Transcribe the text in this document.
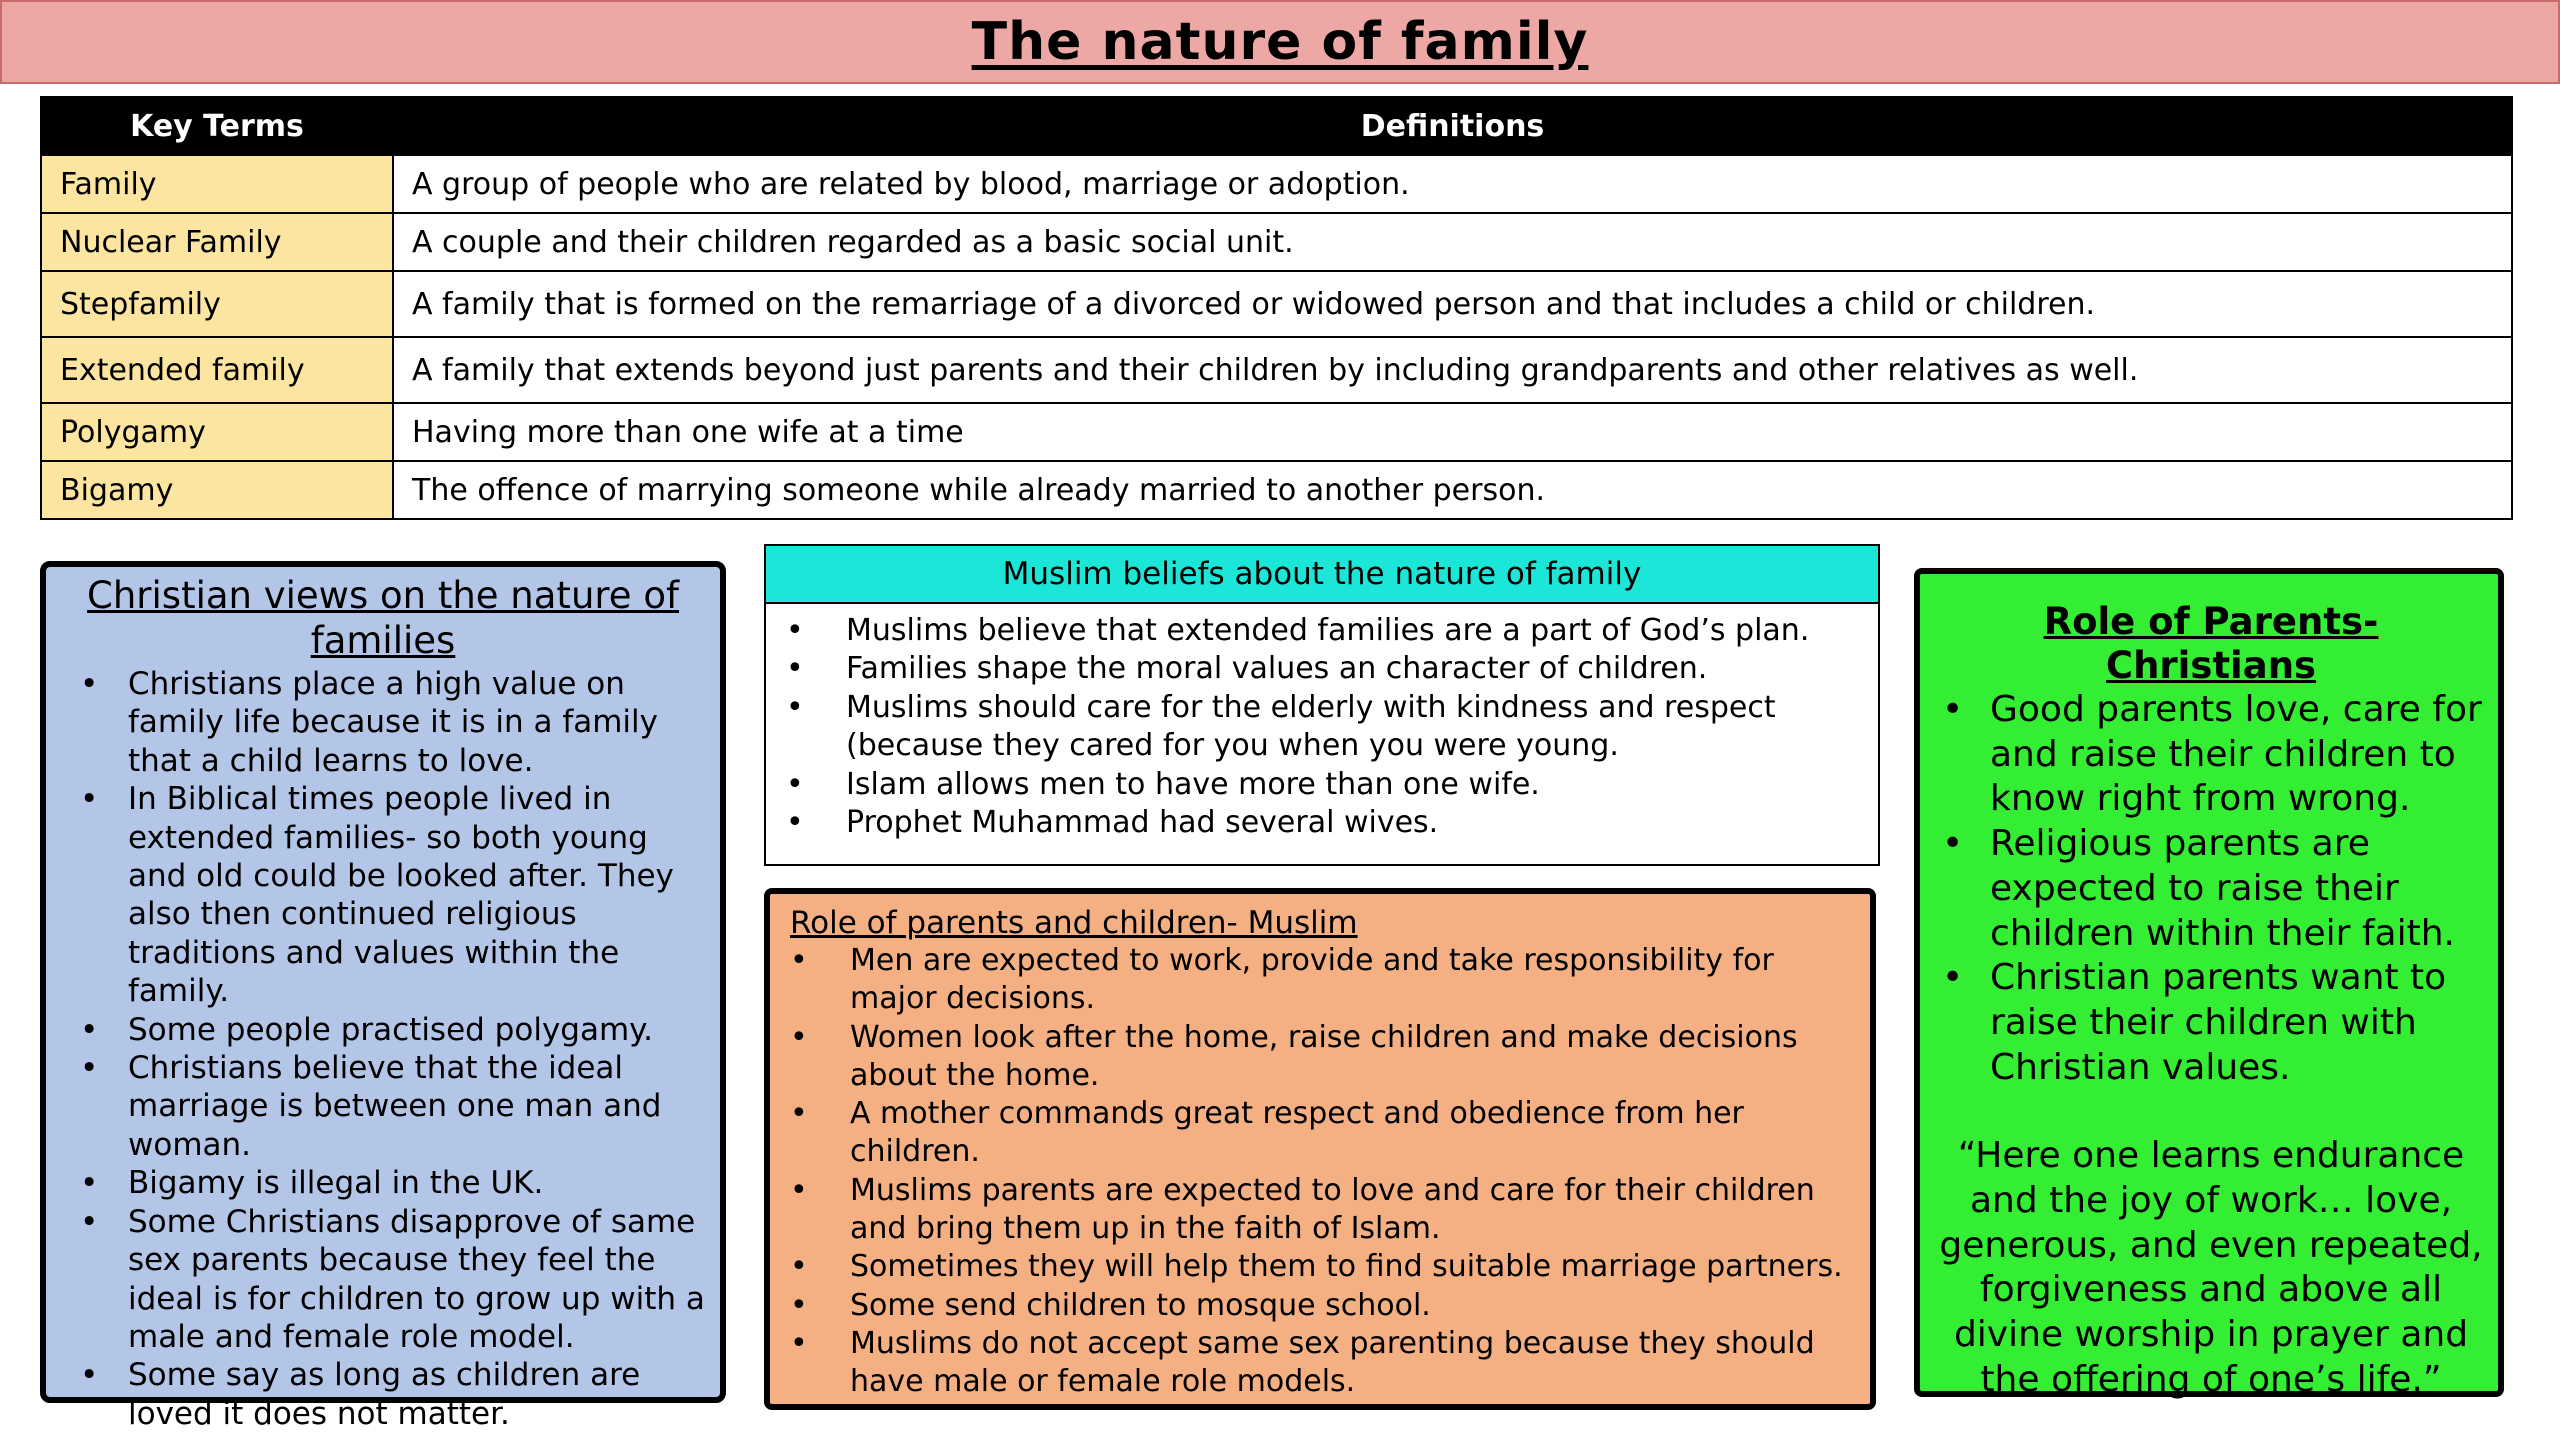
The nature of family
Key Terms	Definitions
Family	A group of people who are related by blood, marriage or adoption.
Nuclear Family	A couple and their children regarded as a basic social unit.
Stepfamily	A family that is formed on the remarriage of a divorced or widowed person and that includes a child or children.
Extended family	A family that extends beyond just parents and their children by including grandparents and other relatives as well.
Polygamy	Having more than one wife at a time
Bigamy	The offence of marrying someone while already married to another person.
Christian views on the nature of families
• Christians place a high value on family life because it is in a family that a child learns to love.
• In Biblical times people lived in extended families- so both young and old could be looked after. They also then continued religious traditions and values within the family.
• Some people practised polygamy.
• Christians believe that the ideal marriage is between one man and woman.
• Bigamy is illegal in the UK.
• Some Christians disapprove of same sex parents because they feel the ideal is for children to grow up with a male and female role model.
• Some say as long as children are loved it does not matter.
Muslim beliefs about the nature of family
• Muslims believe that extended families are a part of God’s plan.
• Families shape the moral values an character of children.
• Muslims should care for the elderly with kindness and respect (because they cared for you when you were young.
• Islam allows men to have more than one wife.
• Prophet Muhammad had several wives.
Role of parents and children- Muslim
• Men are expected to work, provide and take responsibility for major decisions.
• Women look after the home, raise children and make decisions about the home.
• A mother commands great respect and obedience from her children.
• Muslims parents are expected to love and care for their children and bring them up in the faith of Islam.
• Sometimes they will help them to find suitable marriage partners.
• Some send children to mosque school.
• Muslims do not accept same sex parenting because they should have male or female role models.
Role of Parents- Christians
• Good parents love, care for and raise their children to know right from wrong.
• Religious parents are expected to raise their children within their faith.
• Christian parents want to raise their children with Christian values.

“Here one learns endurance and the joy of work… love, generous, and even repeated, forgiveness and above all divine worship in prayer and the offering of one’s life.”
